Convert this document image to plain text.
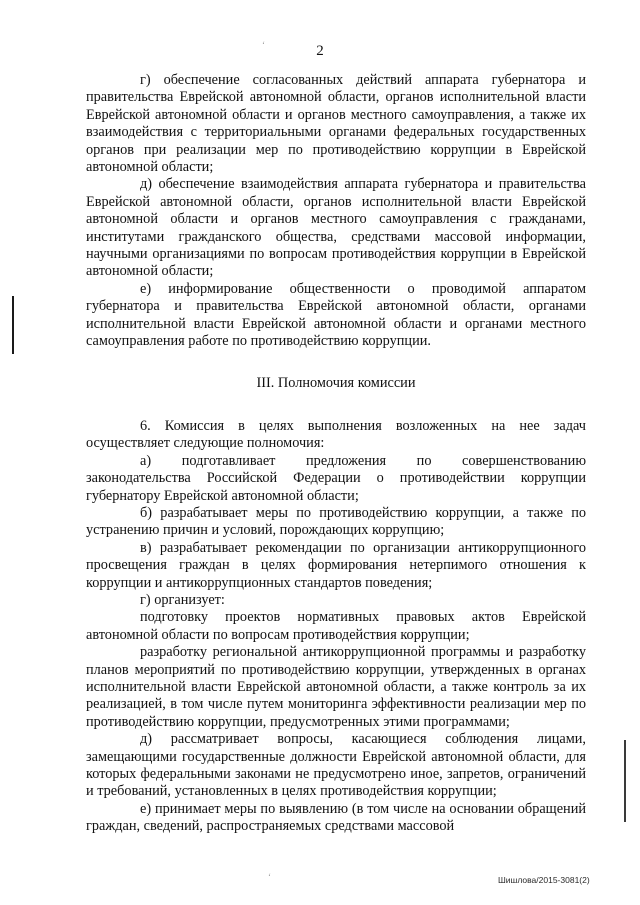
2
ʻ

г) обеспечение согласованных действий аппарата губернатора и правительства Еврейской автономной области, органов исполнительной власти Еврейской автономной области и органов местного самоуправления, а также их взаимодействия с территориальными органами федеральных государственных органов при реализации мер по противодействию коррупции в Еврейской автономной области;

д) обеспечение взаимодействия аппарата губернатора и правительства Еврейской автономной области, органов исполнительной власти Еврейской автономной области и органов местного самоуправления с гражданами, институтами гражданского общества, средствами массовой информации, научными организациями по вопросам противодействия коррупции в Еврейской автономной области;

е) информирование общественности о проводимой аппаратом губернатора и правительства Еврейской автономной области, органами исполнительной власти Еврейской автономной области и органами местного самоуправления работе по противодействию коррупции.

III. Полномочия комиссии

6. Комиссия в целях выполнения возложенных на нее задач осуществляет следующие полномочия:

а) подготавливает предложения по совершенствованию законодательства Российской Федерации о противодействии коррупции губернатору Еврейской автономной области;

б) разрабатывает меры по противодействию коррупции, а также по устранению причин и условий, порождающих коррупцию;

в) разрабатывает рекомендации по организации антикоррупционного просвещения граждан в целях формирования нетерпимого отношения к коррупции и антикоррупционных стандартов поведения;

г) организует:

подготовку проектов нормативных правовых актов Еврейской автономной области по вопросам противодействия коррупции;

разработку региональной антикоррупционной программы и разработку планов мероприятий по противодействию коррупции, утвержденных в органах исполнительной власти Еврейской автономной области, а также контроль за их реализацией, в том числе путем мониторинга эффективности реализации мер по противодействию коррупции, предусмотренных этими программами;

д) рассматривает вопросы, касающиеся соблюдения лицами, замещающими государственные должности Еврейской автономной области, для которых федеральными законами не предусмотрено иное, запретов, ограничений и требований, установленных в целях противодействия коррупции;

е) принимает меры по выявлению (в том числе на основании обращений граждан, сведений, распространяемых средствами массовой

ʻ	Шишлова/2015-3081(2)
